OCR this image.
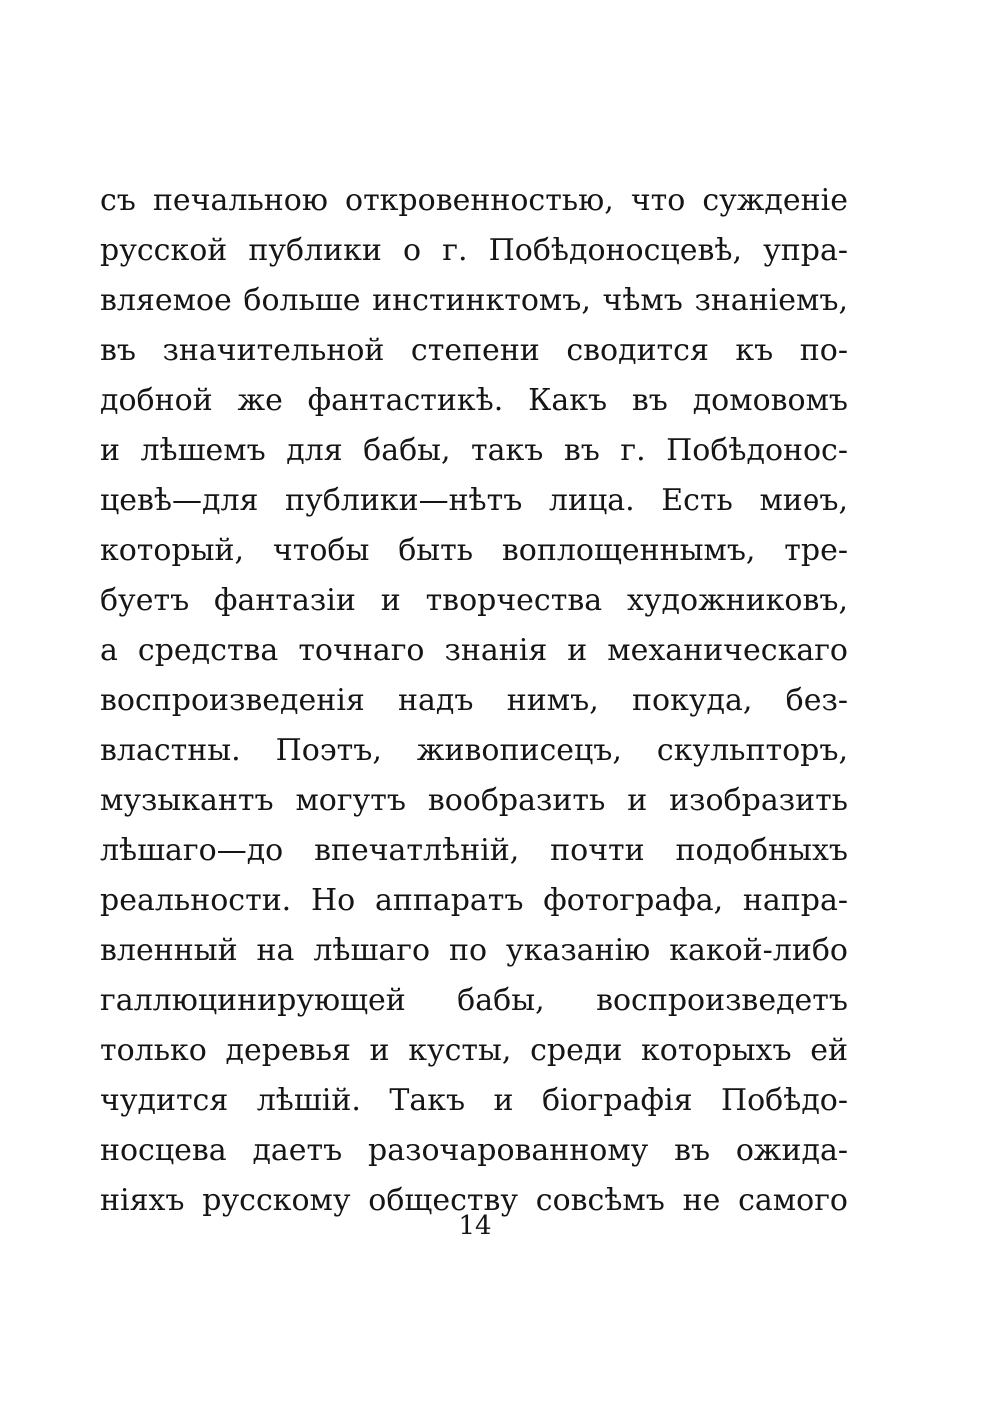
съ печальною откровенностью, что сужденіе
русской публики о г. Побѣдоносцевѣ, упра-
вляемое больше инстинктомъ, чѣмъ знаніемъ,
въ значительной степени сводится къ по-
добной же фантастикѣ. Какъ въ домовомъ
и лѣшемъ для бабы, такъ въ г. Побѣдонос-
цевѣ—для публики—нѣтъ лица. Есть миѳъ,
который, чтобы быть воплощеннымъ, тре-
буетъ фантазіи и творчества художниковъ,
а средства точнаго знанія и механическаго
воспроизведенія надъ нимъ, покуда, без-
властны. Поэтъ, живописецъ, скульпторъ,
музыкантъ могутъ вообразить и изобразить
лѣшаго—до впечатлѣній, почти подобныхъ
реальности. Но аппаратъ фотографа, напра-
вленный на лѣшаго по указанію какой-либо
галлюцинирующей бабы, воспроизведетъ
только деревья и кусты, среди которыхъ ей
чудится лѣшій. Такъ и біографія Побѣдо-
носцева даетъ разочарованному въ ожида-
ніяхъ русскому обществу совсѣмъ не самого
14
